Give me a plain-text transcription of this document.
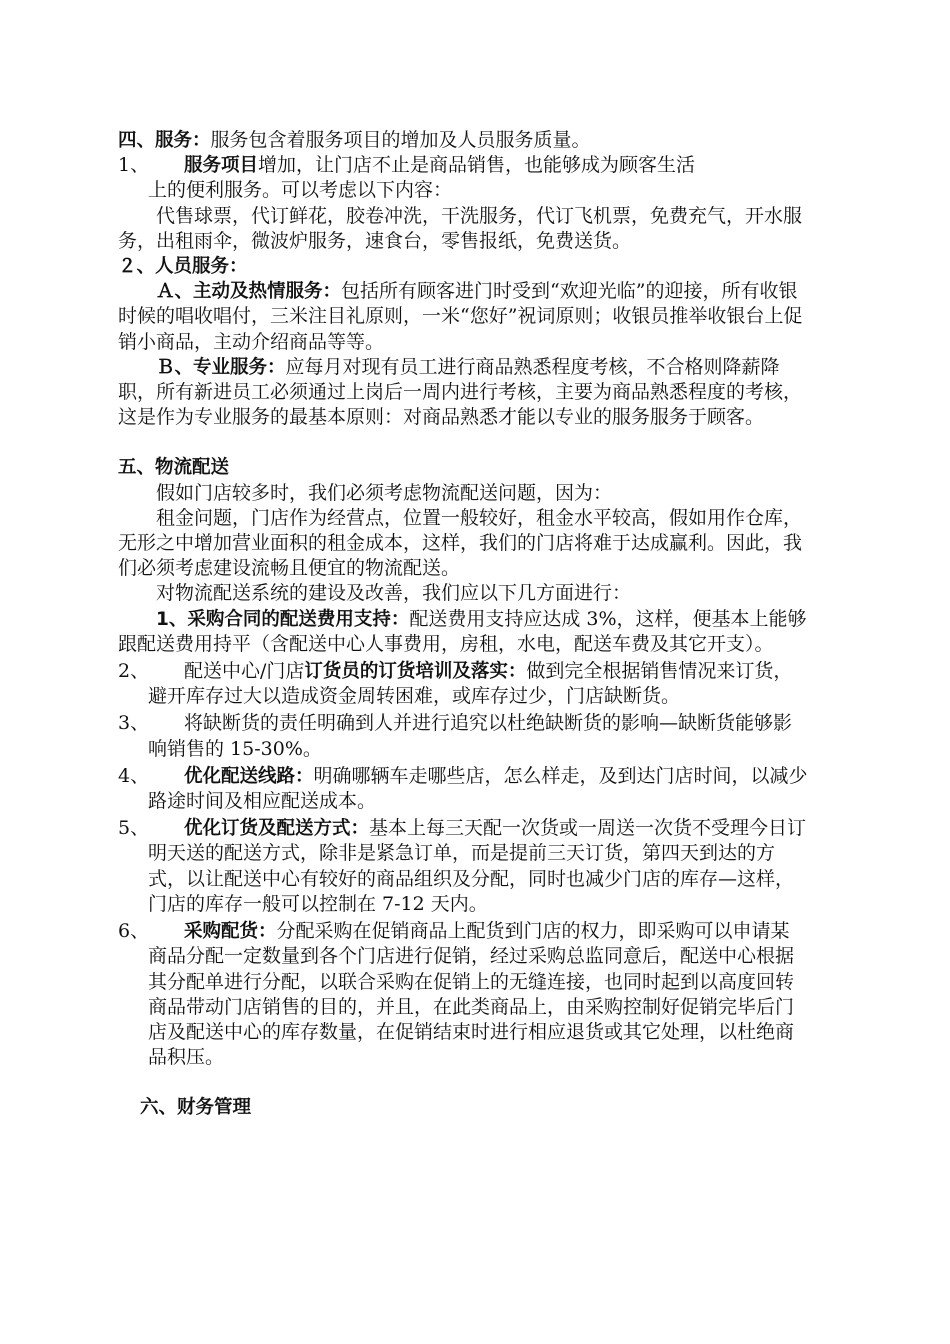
四、服务：服务包含着服务项目的增加及人员服务质量。

1、	服务项目增加，让门店不止是商品销售，也能够成为顾客生活

上的便利服务。可以考虑以下内容：

代售球票，代订鲜花，胶卷冲洗，干洗服务，代订飞机票，免费充气，开水服务，出租雨伞，微波炉服务，速食台，零售报纸，免费送货。

２、人员服务：

Ａ、主动及热情服务：包括所有顾客进门时受到“欢迎光临”的迎接，所有收银时候的唱收唱付，三米注目礼原则，一米“您好”祝词原则；收银员推举收银台上促销小商品，主动介绍商品等等。

Ｂ、专业服务：应每月对现有员工进行商品熟悉程度考核，不合格则降薪降职，所有新进员工必须通过上岗后一周内进行考核，主要为商品熟悉程度的考核，这是作为专业服务的最基本原则：对商品熟悉才能以专业的服务服务于顾客。

五、物流配送

假如门店较多时，我们必须考虑物流配送问题，因为：

租金问题，门店作为经营点，位置一般较好，租金水平较高，假如用作仓库，无形之中增加营业面积的租金成本，这样，我们的门店将难于达成赢利。因此，我们必须考虑建设流畅且便宜的物流配送。

对物流配送系统的建设及改善，我们应以下几方面进行：

1、采购合同的配送费用支持：配送费用支持应达成 3%，这样，便基本上能够跟配送费用持平（含配送中心人事费用，房租，水电，配送车费及其它开支）。

2、	配送中心/门店订货员的订货培训及落实：做到完全根据销售情况来订货，避开库存过大以造成资金周转困难，或库存过少，门店缺断货。

3、	将缺断货的责任明确到人并进行追究以杜绝缺断货的影响—缺断货能够影响销售的 15-30%。

4、	优化配送线路：明确哪辆车走哪些店，怎么样走，及到达门店时间，以减少路途时间及相应配送成本。

5、	优化订货及配送方式：基本上每三天配一次货或一周送一次货不受理今日订明天送的配送方式，除非是紧急订单，而是提前三天订货，第四天到达的方式，以让配送中心有较好的商品组织及分配，同时也减少门店的库存—这样，门店的库存一般可以控制在 7-12 天内。

6、	采购配货：分配采购在促销商品上配货到门店的权力，即采购可以申请某商品分配一定数量到各个门店进行促销，经过采购总监同意后，配送中心根据其分配单进行分配，以联合采购在促销上的无缝连接，也同时起到以高度回转商品带动门店销售的目的，并且，在此类商品上，由采购控制好促销完毕后门店及配送中心的库存数量，在促销结束时进行相应退货或其它处理，以杜绝商品积压。

六、财务管理
